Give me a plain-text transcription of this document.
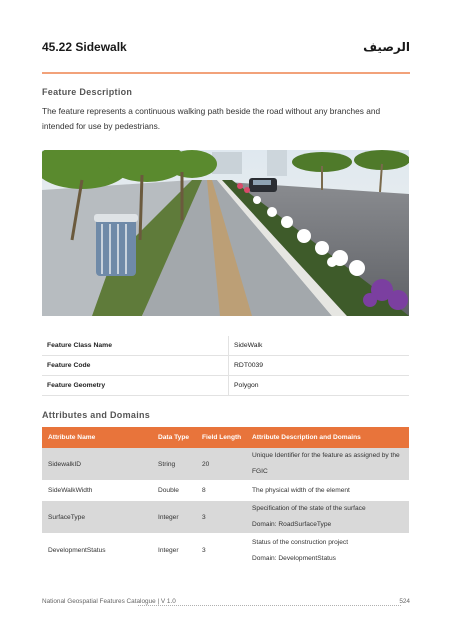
45.22 Sidewalk	الرصيف
Feature Description
The feature represents a continuous walking path beside the road without any branches and intended for use by pedestrians.
Feature Class Name	SideWalk
Feature Code	RDT0039
Feature Geometry	Polygon
Attributes and Domains
Attribute Name	Data Type	Field Length	Attribute Description and Domains
SidewalkID	String	20	Unique Identifier for the feature as assigned by the
FGIC

SideWalkWidth	Double	8	The physical width of the element

SurfaceType	Integer	3	Specification of the state of the surface
Domain: RoadSurfaceType

DevelopmentStatus	Integer	3	Status of the construction project
Domain: DevelopmentStatus
National Geospatial Features Catalogue | V 1.0	524
